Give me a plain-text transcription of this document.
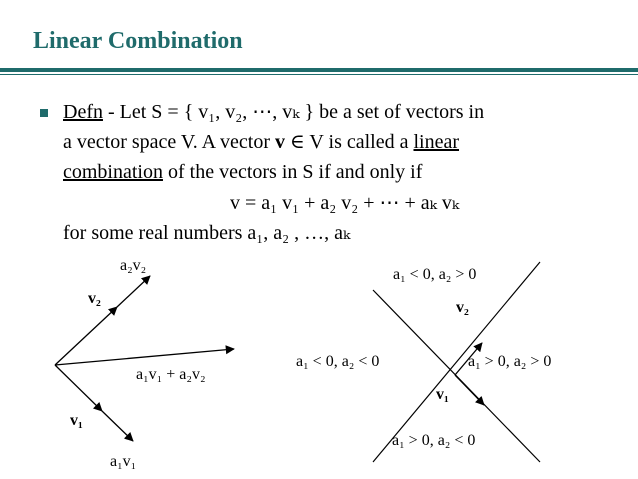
Linear Combination
Defn - Let S = { v₁, v₂, ⋯, vₖ } be a set of vectors in
a vector space V. A vector v ∈ V is called a linear
combination of the vectors in S if and only if
v = a₁ v₁ + a₂ v₂ + ⋯ + aₖ vₖ
for some real numbers a₁, a₂ , …, aₖ
a₂v₂
v₂
a₁v₁ + a₂v₂
v₁
a₁v₁
a₁ < 0, a₂ > 0
a₁ < 0, a₂ < 0	a₁ > 0, a₂ > 0
a₁ > 0, a₂ < 0
v₂
v₁
